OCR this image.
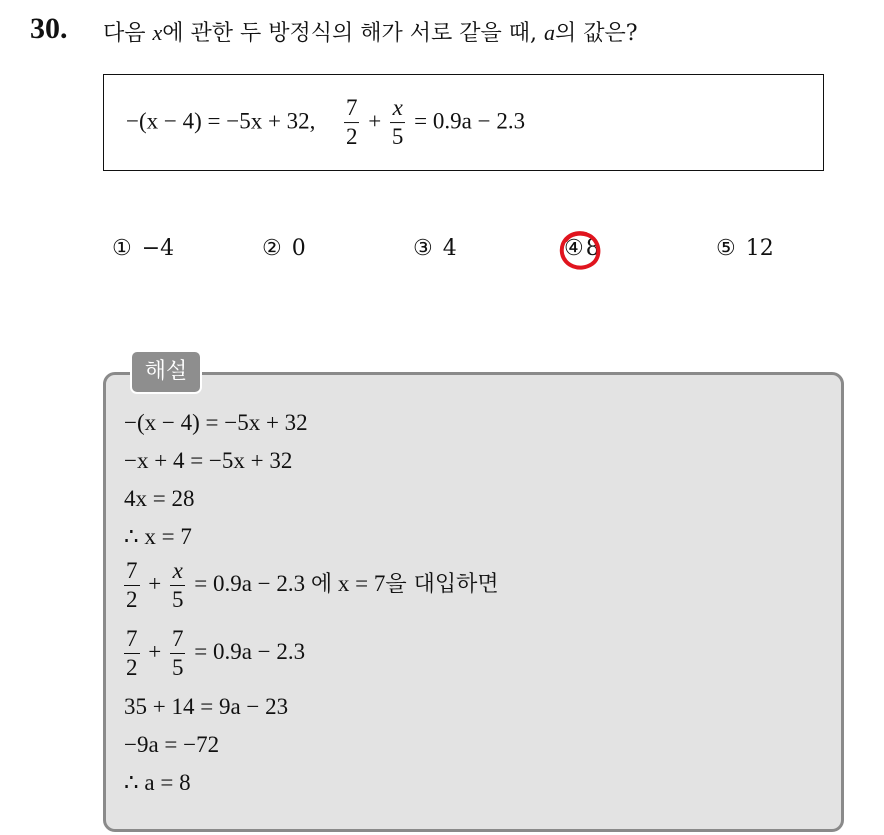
30. 다음 x에 관한 두 방정식의 해가 서로 같을 때, a의 값은?
−(x − 4) = −5x + 32, $\frac{7}{2} + \frac{x}{5} = 0.9a - 2.3$
① −4	② 0	③ 4	④8	⑤ 12
해설
−(x − 4) = −5x + 32
−x + 4 = −5x + 32
4x = 28
∴ x = 7
$\frac{7}{2} + \frac{x}{5} = 0.9a - 2.3$ 에 x = 7을 대입하면
$\frac{7}{2} + \frac{7}{5} = 0.9a - 2.3$
35 + 14 = 9a − 23
−9a = −72
∴ a = 8
